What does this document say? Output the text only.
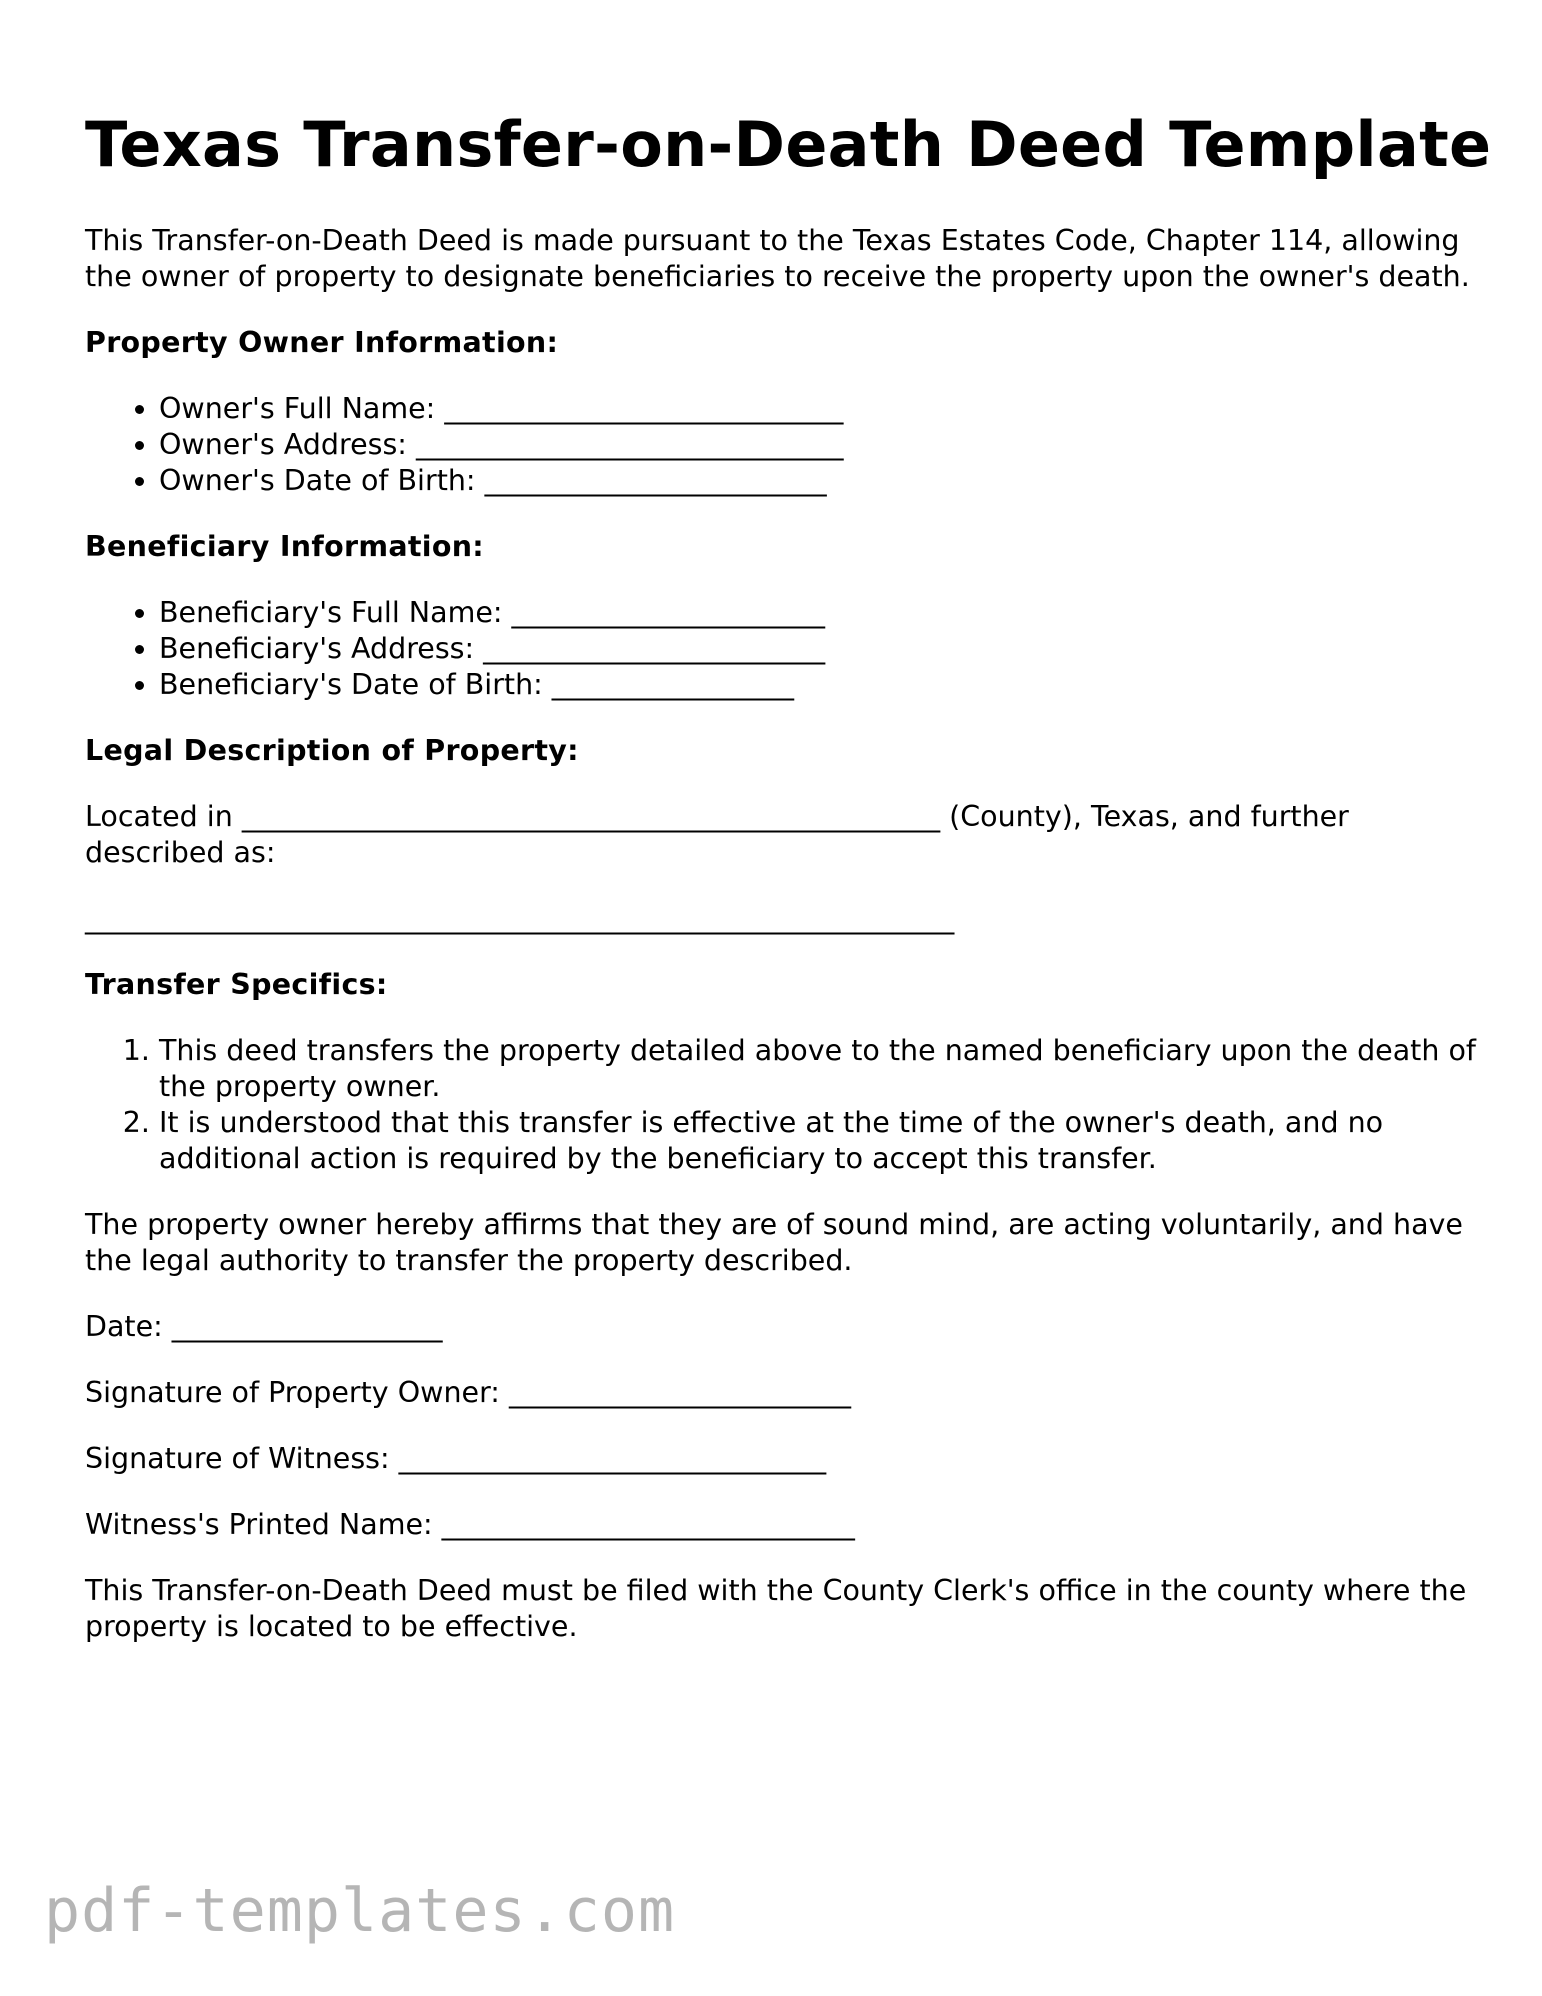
Texas Transfer-on-Death Deed Template

This Transfer-on-Death Deed is made pursuant to the Texas Estates Code, Chapter 114, allowing the owner of property to designate beneficiaries to receive the property upon the owner's death.

Property Owner Information:
• Owner's Full Name: ____________________________
• Owner's Address: ______________________________
• Owner's Date of Birth: ________________________
Beneficiary Information:
• Beneficiary's Full Name: ______________________
• Beneficiary's Address: ________________________
• Beneficiary's Date of Birth: _________________
Legal Description of Property:

Located in _________________________________________________ (County), Texas, and further described as:

_____________________________________________________________
Transfer Specifics:
1. This deed transfers the property detailed above to the named beneficiary upon the death of the property owner.
2. It is understood that this transfer is effective at the time of the owner's death, and no additional action is required by the beneficiary to accept this transfer.

The property owner hereby affirms that they are of sound mind, are acting voluntarily, and have the legal authority to transfer the property described.

Date: ___________________

Signature of Property Owner: ________________________

Signature of Witness: ______________________________

Witness's Printed Name: _____________________________

This Transfer-on-Death Deed must be filed with the County Clerk's office in the county where the property is located to be effective.

pdf-templates.com
